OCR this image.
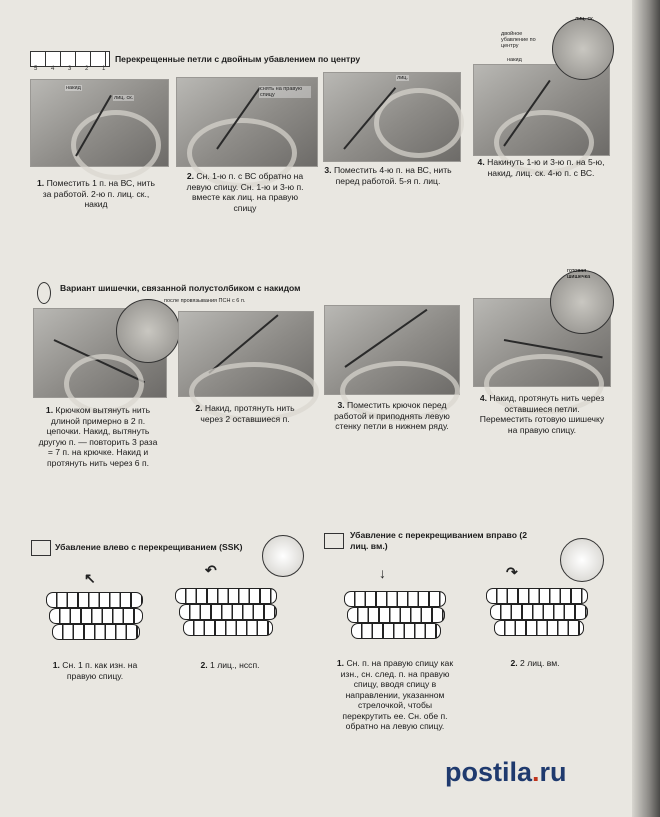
5 4 3 2 1
Перекрещенные петли с двойным убавлением по центру
накид
лиц. ск.
снять на правую спицу
лиц.
двойное убавление по центру
накид
лиц. ск.
1. Поместить 1 п. на ВС, нить за работой. 2-ю п. лиц. ск., накид
2. Сн. 1-ю п. с ВС обратно на левую спицу. Сн. 1-ю и 3-ю п. вместе как лиц. на правую спицу
3. Поместить 4-ю п. на ВС, нить перед работой. 5-я п. лиц.
4. Накинуть 1-ю и 3-ю п. на 5-ю, накид, лиц. ск. 4-ю п. с ВС.
Вариант шишечки, связанной полустолбиком с накидом
после провязывания ПСН с 6 п.
готовая шишечка
1. Крючком вытянуть нить длиной примерно в 2 п. цепочки. Накид, вытянуть другую п. — повторить 3 раза = 7 п. на крючке. Накид и протянуть нить через 6 п.
2. Накид, протянуть нить через 2 оставшиеся п.
3. Поместить крючок перед работой и приподнять левую стенку петли в нижнем ряду.
4. Накид, протянуть нить через оставшиеся петли. Переместить готовую шишечку на правую спицу.
Убавление влево с перекрещиванием (SSK)
↖	↶
1. Сн. 1 п. как изн. на правую спицу.
2. 1 лиц., нссп.
Убавление с перекрещиванием вправо (2 лиц. вм.)
↓	↷
1. Сн. п. на правую спицу как изн., сн. след. п. на правую спицу, вводя спицу в направлении, указанном стрелочкой, чтобы перекрутить ее. Сн. обе п. обратно на левую спицу.
2. 2 лиц. вм.
postila.ru
